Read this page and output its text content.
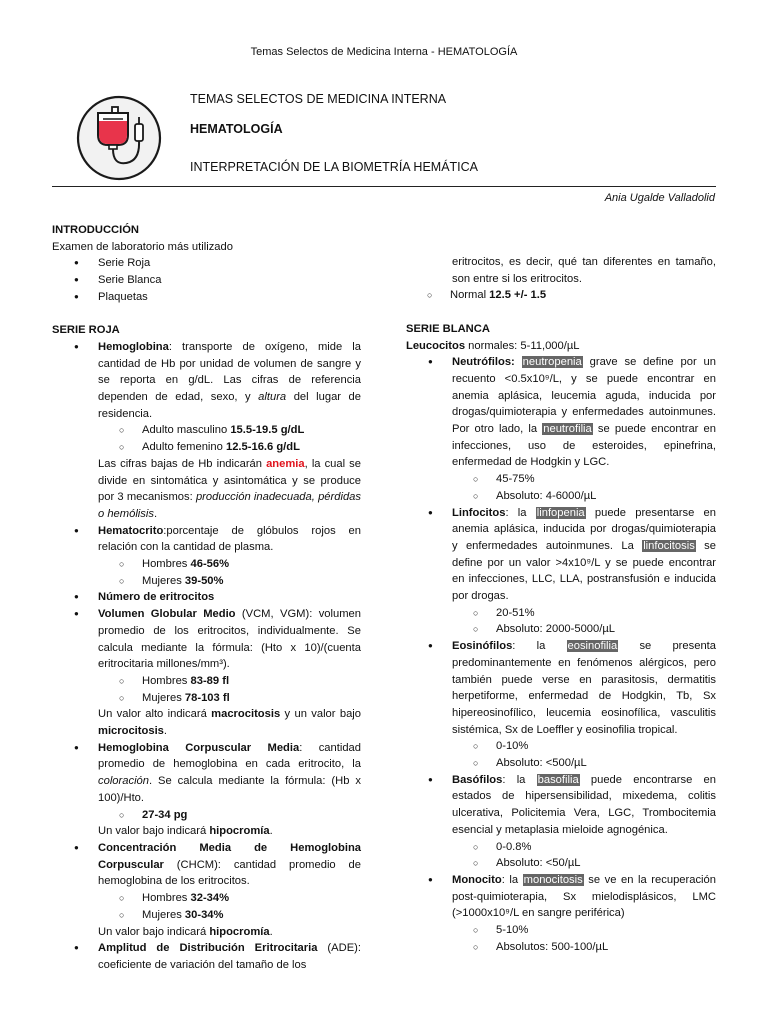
Temas Selectos de Medicina Interna - HEMATOLOGÍA
TEMAS SELECTOS DE MEDICINA INTERNA
HEMATOLOGÍA
INTERPRETACIÓN DE LA BIOMETRÍA HEMÁTICA
Ania Ugalde Valladolid
INTRODUCCIÓN

Examen de laboratorio más utilizado

● Serie Roja
● Serie Blanca
● Plaquetas
SERIE ROJA
● Hemoglobina: transporte de oxígeno, mide la cantidad de Hb por unidad de volumen de sangre y se reporta en g/dL. Las cifras de referencia dependen de edad, sexo, y altura del lugar de residencia.
○ Adulto masculino 15.5-19.5 g/dL
○ Adulto femenino 12.5-16.6 g/dL

Las cifras bajas de Hb indicarán anemia, la cual se divide en sintomática y asintomática y se produce por 3 mecanismos: producción inadecuada, pérdidas o hemólisis.

● Hematocrito:porcentaje de glóbulos rojos en relación con la cantidad de plasma.
○ Hombres 46-56%
○ Mujeres 39-50%
● Número de eritrocitos
● Volumen Globular Medio (VCM, VGM): volumen promedio de los eritrocitos, individualmente. Se calcula mediante la fórmula: (Hto x 10)/(cuenta eritrocitaria millones/mm³).
○ Hombres 83-89 fl
○ Mujeres 78-103 fl

Un valor alto indicará macrocitosis y un valor bajo microcitosis.

● Hemoglobina Corpuscular Media: cantidad promedio de hemoglobina en cada eritrocito, la coloración. Se calcula mediante la fórmula: (Hb x 100)/Hto.
○ 27-34 pg

Un valor bajo indicará hipocromía.

● Concentración Media de Hemoglobina Corpuscular (CHCM): cantidad promedio de hemoglobina de los eritrocitos.
○ Hombres 32-34%
○ Mujeres 30-34%

Un valor bajo indicará hipocromía.

● Amplitud de Distribución Eritrocitaria (ADE): coeficiente de variación del tamaño de los

eritrocitos, es decir, qué tan diferentes en tamaño, son entre si los eritrocitos.

○ Normal 12.5 +/- 1.5
SERIE BLANCA

Leucocitos normales: 5-11,000/µL

● Neutrófilos: neutropenia grave se define por un recuento <0.5x10⁹/L, y se puede encontrar en anemia aplásica, leucemia aguda, inducida por drogas/quimioterapia y enfermedades autoinmunes. Por otro lado, la neutrofilia se puede encontrar en infecciones, uso de esteroides, epinefrina, enfermedad de Hodgkin y LGC.
○ 45-75%
○ Absoluto: 4-6000/µL
● Linfocitos: la linfopenia puede presentarse en anemia aplásica, inducida por drogas/quimioterapia y enfermedades autoinmunes. La linfocitosis se define por un valor >4x10⁹/L y se puede encontrar en infecciones, LLC, LLA, postransfusión e inducida por drogas.
○ 20-51%
○ Absoluto: 2000-5000/µL
● Eosinófilos: la eosinofilia se presenta predominantemente en fenómenos alérgicos, pero también puede verse en parasitosis, dermatitis herpetiforme, enfermedad de Hodgkin, Tb, Sx hipereosinofílico, leucemia eosinofílica, vasculitis sistémica, Sx de Loeffler y eosinofilia tropical.
○ 0-10%
○ Absoluto: <500/µL
● Basófilos: la basofilia puede encontrarse en estados de hipersensibilidad, mixedema, colitis ulcerativa, Policitemia Vera, LGC, Trombocitemia esencial y metaplasia mieloide agnogénica.
○ 0-0.8%
○ Absoluto: <50/µL
● Monocito: la monocitosis se ve en la recuperación post-quimioterapia, Sx mielodisplásicos, LMC (>1000x10⁹/L en sangre periférica)
○ 5-10%
○ Absolutos: 500-100/µL
